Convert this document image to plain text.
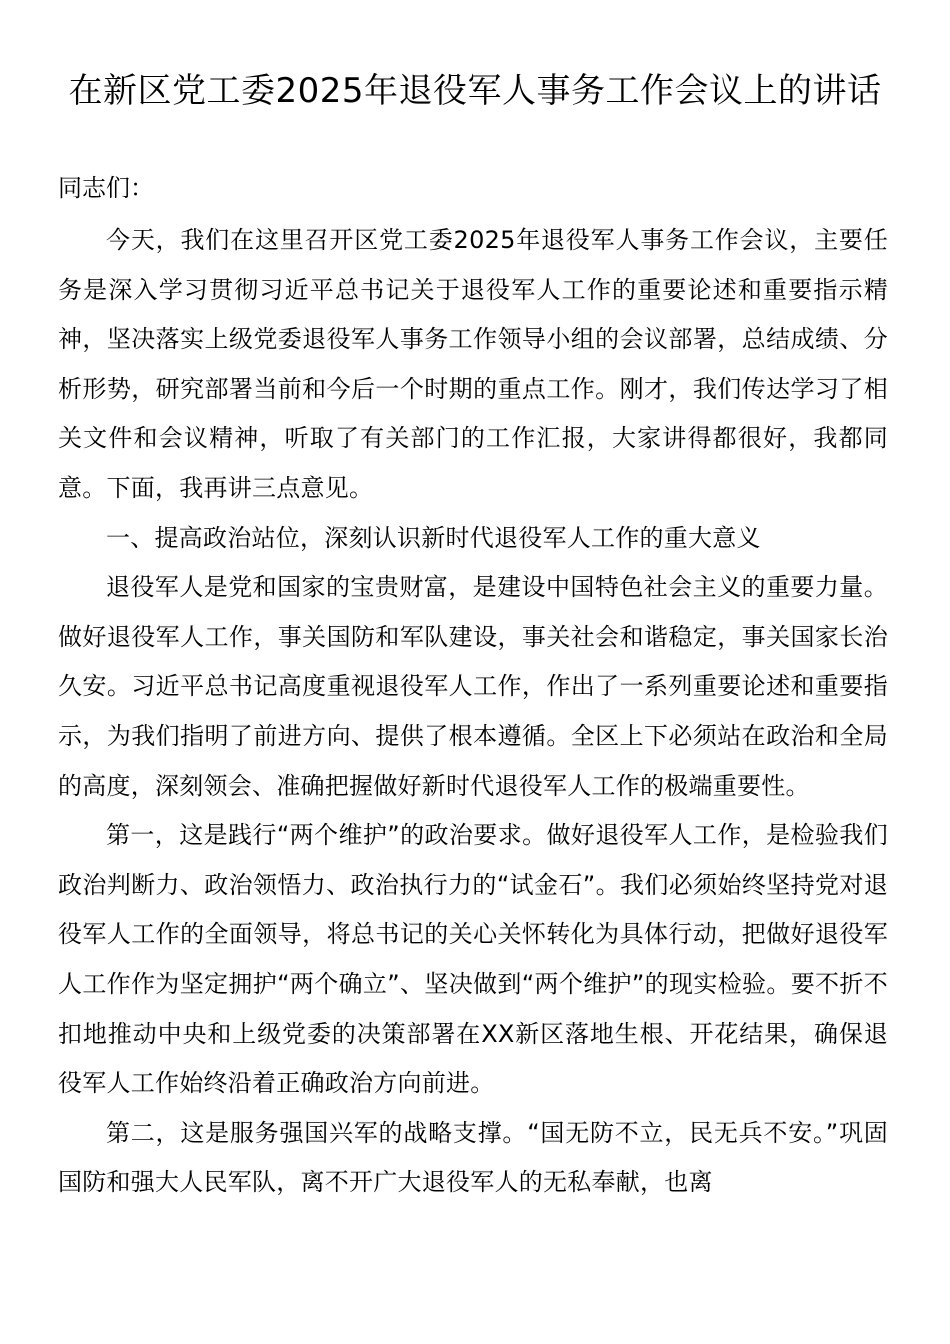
在新区党工委2025年退役军人事务工作会议上的讲话

同志们：

今天，我们在这里召开区党工委2025年退役军人事务工作会议，主要任务是深入学习贯彻习近平总书记关于退役军人工作的重要论述和重要指示精神，坚决落实上级党委退役军人事务工作领导小组的会议部署，总结成绩、分析形势，研究部署当前和今后一个时期的重点工作。刚才，我们传达学习了相关文件和会议精神，听取了有关部门的工作汇报，大家讲得都很好，我都同意。下面，我再讲三点意见。

一、提高政治站位，深刻认识新时代退役军人工作的重大意义

退役军人是党和国家的宝贵财富，是建设中国特色社会主义的重要力量。做好退役军人工作，事关国防和军队建设，事关社会和谐稳定，事关国家长治久安。习近平总书记高度重视退役军人工作，作出了一系列重要论述和重要指示，为我们指明了前进方向、提供了根本遵循。全区上下必须站在政治和全局的高度，深刻领会、准确把握做好新时代退役军人工作的极端重要性。

第一，这是践行“两个维护”的政治要求。做好退役军人工作，是检验我们政治判断力、政治领悟力、政治执行力的“试金石”。我们必须始终坚持党对退役军人工作的全面领导，将总书记的关心关怀转化为具体行动，把做好退役军人工作作为坚定拥护“两个确立”、坚决做到“两个维护”的现实检验。要不折不扣地推动中央和上级党委的决策部署在XX新区落地生根、开花结果，确保退役军人工作始终沿着正确政治方向前进。

第二，这是服务强国兴军的战略支撑。“国无防不立，民无兵不安。”巩固国防和强大人民军队，离不开广大退役军人的无私奉献，也离
